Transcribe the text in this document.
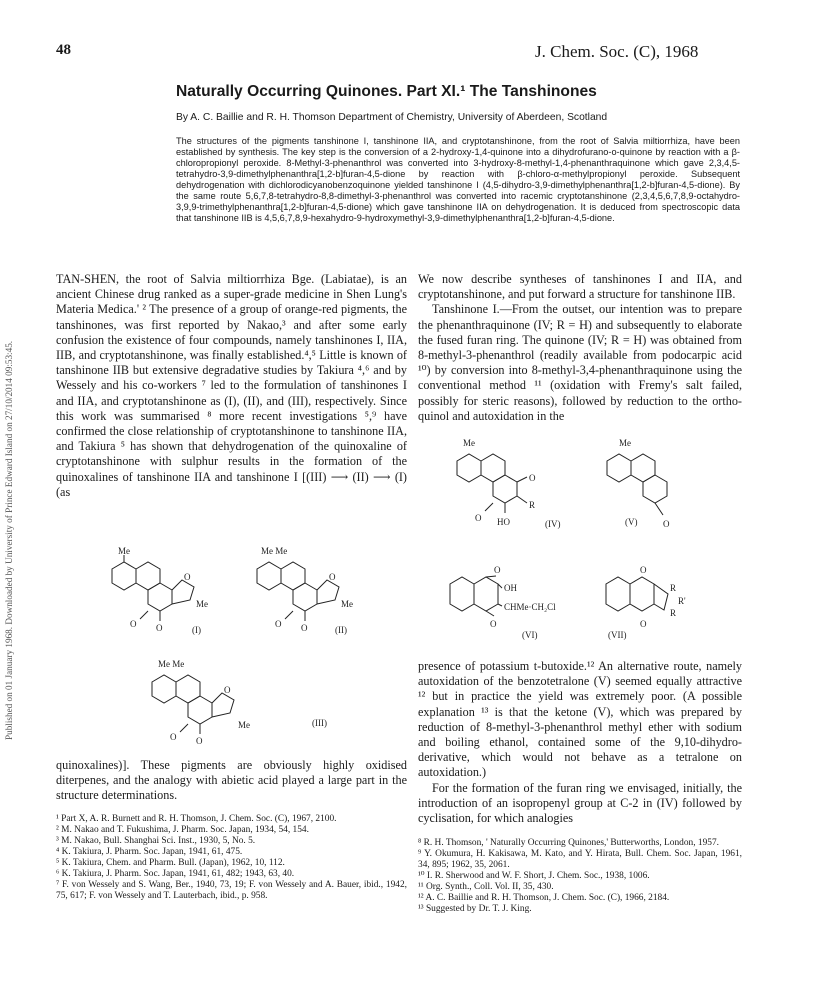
Published on 01 January 1968. Downloaded by University of Prince Edward Island on 27/10/2014 09:53:45.
48	J. Chem. Soc. (C), 1968
Naturally Occurring Quinones. Part XI.¹ The Tanshinones
By A. C. Baillie and R. H. Thomson Department of Chemistry, University of Aberdeen, Scotland
The structures of the pigments tanshinone I, tanshinone IIA, and cryptotanshinone, from the root of Salvia miltiorrhiza, have been established by synthesis. The key step is the conversion of a 2-hydroxy-1,4-quinone into a dihydrofurano-o-quinone by reaction with a β-chloropropionyl peroxide. 8-Methyl-3-phenanthrol was converted into 3-hydroxy-8-methyl-1,4-phenanthraquinone which gave 2,3,4,5-tetrahydro-3,9-dimethylphenanthra[1,2-b]furan-4,5-dione by reaction with β-chloro-α-methylpropionyl peroxide. Subsequent dehydrogenation with dichlorodicyanobenzoquinone yielded tanshinone I (4,5-dihydro-3,9-dimethylphenanthra[1,2-b]furan-4,5-dione). By the same route 5,6,7,8-tetrahydro-8,8-dimethyl-3-phenanthrol was converted into racemic cryptotanshinone (2,3,4,5,6,7,8,9-octahydro-3,9,9-trimethylphenanthra[1,2-b]furan-4,5-dione) which gave tanshinone IIA on dehydrogenation. It is deduced from spectroscopic data that tanshinone IIB is 4,5,6,7,8,9-hexahydro-9-hydroxymethyl-3,9-dimethylphenanthra[1,2-b]furan-4,5-dione.

TAN-SHEN, the root of Salvia miltiorrhiza Bge. (Labiatae), is an ancient Chinese drug ranked as a super-grade medicine in Shen Lung's Materia Medica.' ² The presence of a group of orange-red pigments, the tanshinones, was first reported by Nakao,³ and after some early confusion the existence of four compounds, namely tanshinones I, IIA, IIB, and cryptotanshinone, was finally established.⁴,⁵ Little is known of tanshinone IIB but extensive degradative studies by Takiura ⁴,⁶ and by Wessely and his co-workers ⁷ led to the formulation of tanshinones I and IIA, and cryptotanshinone as (I), (II), and (III), respectively. Since this work was summarised ⁸ more recent investigations ⁵,⁹ have confirmed the close relationship of cryptotanshinone to tanshinone IIA, and Takiura ⁵ has shown that dehydrogenation of the quinoxaline of cryptotanshinone with sulphur results in the formation of the quinoxalines of tanshinone IIA and tanshinone I [(III) ⟶ (II) ⟶ (I) (as

Me
O
Me
O O	(I)
Me Me
O
Me
O O	(II)
Me Me
O
Me
O O
(III)

quinoxalines)]. These pigments are obviously highly oxidised diterpenes, and the analogy with abietic acid played a large part in the structure determinations.

¹ Part X, A. R. Burnett and R. H. Thomson, J. Chem. Soc. (C), 1967, 2100.

² M. Nakao and T. Fukushima, J. Pharm. Soc. Japan, 1934, 54, 154.

³ M. Nakao, Bull. Shanghai Sci. Inst., 1930, 5, No. 5.

⁴ K. Takiura, J. Pharm. Soc. Japan, 1941, 61, 475.

⁵ K. Takiura, Chem. and Pharm. Bull. (Japan), 1962, 10, 112.

⁶ K. Takiura, J. Pharm. Soc. Japan, 1941, 61, 482; 1943, 63, 40.

⁷ F. von Wessely and S. Wang, Ber., 1940, 73, 19; F. von Wessely and A. Bauer, ibid., 1942, 75, 617; F. von Wessely and T. Lauterbach, ibid., p. 958.

We now describe syntheses of tanshinones I and IIA, and cryptotanshinone, and put forward a structure for tanshinone IIB.

Tanshinone I.—From the outset, our intention was to prepare the phenanthraquinone (IV; R = H) and subsequently to elaborate the fused furan ring. The quinone (IV; R = H) was obtained from 8-methyl-3-phenanthrol (readily available from podocarpic acid ¹⁰) by conversion into 8-methyl-3,4-phenanthraquinone using the conventional method ¹¹ (oxidation with Fremy's salt failed, possibly for steric reasons), followed by reduction to the ortho-quinol and autoxidation in the

Me
O
R
O HO	(IV)
Me
O
(V)
O
OH
CHMe·CH₂Cl
O
(VI)
O
O
R
R'
R
(VII)

presence of potassium t-butoxide.¹² An alternative route, namely autoxidation of the benzotetralone (V) seemed equally attractive ¹² but in practice the yield was extremely poor. (A possible explanation ¹³ is that the ketone (V), which was prepared by reduction of 8-methyl-3-phenanthrol methyl ether with sodium and boiling ethanol, contained some of the 9,10-dihydro-derivative, which would not behave as a tetralone on autoxidation.)

For the formation of the furan ring we envisaged, initially, the introduction of an isopropenyl group at C-2 in (IV) followed by cyclisation, for which analogies

⁸ R. H. Thomson, ' Naturally Occurring Quinones,' Butterworths, London, 1957.

⁹ Y. Okumura, H. Kakisawa, M. Kato, and Y. Hirata, Bull. Chem. Soc. Japan, 1961, 34, 895; 1962, 35, 2061.

¹⁰ I. R. Sherwood and W. F. Short, J. Chem. Soc., 1938, 1006.

¹¹ Org. Synth., Coll. Vol. II, 35, 430.

¹² A. C. Baillie and R. H. Thomson, J. Chem. Soc. (C), 1966, 2184.

¹³ Suggested by Dr. T. J. King.
